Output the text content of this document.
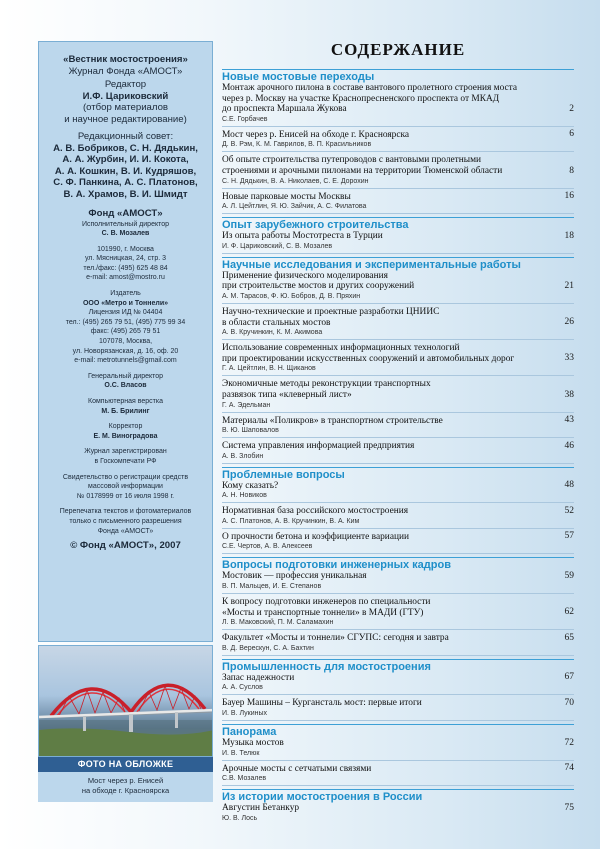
«Вестник мостостроения»
Журнал Фонда «АМОСТ»
Редактор
И.Ф. Цариковский
(отбор материалов
и научное редактирование)
Редакционный совет:
А. В. Бобриков, С. Н. Дядькин,
А. А. Журбин, И. И. Кокота,
А. А. Кошкин, В. И. Кудряшов,
С. Ф. Панкина, А. С. Платонов,
В. А. Храмов, В. И. Шмидт
Фонд «АМОСТ»
Исполнительный директор
С. В. Мозалев
101990, г. Москва
ул. Мясницкая, 24, стр. 3
тел./факс: (495) 625 48 84
e-mail: amost@mostro.ru
Издатель
ООО «Метро и Тоннели»
Лицензия ИД № 04404
тел.: (495) 265 79 51, (495) 775 99 34
факс: (495) 265 79 51
107078, Москва,
ул. Новорязанская, д. 16, оф. 20
e-mail: metrotunnels@gmail.com
Генеральный директор
О.С. Власов
Компьютерная верстка
М. Б. Брилинг
Корректор
Е. М. Виноградова
Журнал зарегистрирован
в Госкомпечати РФ
Свидетельство о регистрации средств
массовой информации
№ 0178999 от 16 июля 1998 г.
Перепечатка текстов и фотоматериалов
только с письменного разрешения
Фонда «АМОСТ»
© Фонд «АМОСТ», 2007
ФОТО НА ОБЛОЖКЕ
Мост через р. Енисей
на обходе г. Красноярска
СОДЕРЖАНИЕ
Новые мостовые переходы
Монтаж арочного пилона в составе вантового пролетного строения моста
через р. Москву на участке Краснопресненского проспекта от МКАД
до проспекта Маршала Жукова
С.Е. Горбачев
2
Мост через р. Енисей на обходе г. Красноярска
Д. В. Рэм, К. М. Гаврилов, В. П. Красильников
6
Об опыте строительства путепроводов с вантовыми пролетными
строениями и арочными пилонами на территории Тюменской области
С. Н. Дядькин, В. А. Николаев, С. Е. Дорохин
8
Новые парковые мосты Москвы
А. Л. Цейтлин, Я. Ю. Зайчик, А. С. Филатова
16
Опыт зарубежного строительства
Из опыта работы Мостотреста в Турции
И. Ф. Цариковский, С. В. Мозалев
18
Научные исследования и экспериментальные работы
Применение физического моделирования
при строительстве мостов и других сооружений
А. М. Тарасов, Ф. Ю. Бобров, Д. В. Пряхин
21
Научно-технические и проектные разработки ЦНИИС
в области стальных мостов
А. В. Кручинкин, К. М. Акимова
26
Использование современных информационных технологий
при проектировании искусственных сооружений и автомобильных дорог
Г. А. Цейтлин, В. Н. Щиканов
33
Экономичные методы реконструкции транспортных
развязок типа «клеверный лист»
Г. А. Эдельман
38
Материалы «Поликров» в транспортном строительстве
В. Ю. Шаповалов
43
Система управления информацией предприятия
А. В. Злобин
46
Проблемные вопросы
Кому сказать?
А. Н. Новиков
48
Нормативная база российского мостостроения
А. С. Платонов, А. В. Кручинкин, В. А. Ким
52
О прочности бетона и коэффициенте вариации
С.Е. Чертов, А. В. Алексеев
57
Вопросы подготовки инженерных кадров
Мостовик — профессия уникальная
В. П. Мальцев, И. Е. Степанов
59
К вопросу подготовки инженеров по специальности
«Мосты и транспортные тоннели» в МАДИ (ГТУ)
Л. В. Маковский, П. М. Саламахин
62
Факультет «Мосты и тоннели» СГУПС: сегодня и завтра
В. Д. Верескун, С. А. Бахтин
65
Промышленность для мостостроения
Запас надежности
А. А. Суслов
67
Бауер Машины – Кургансталь мост: первые итоги
И. В. Лукиных
70
Панорама
Музыка мостов
И. В. Телюк
72
Арочные мосты с сетчатыми связями
С.В. Мозалев
74
Из истории мостостроения в России
Августин Бетанкур
Ю. В. Лось
75
